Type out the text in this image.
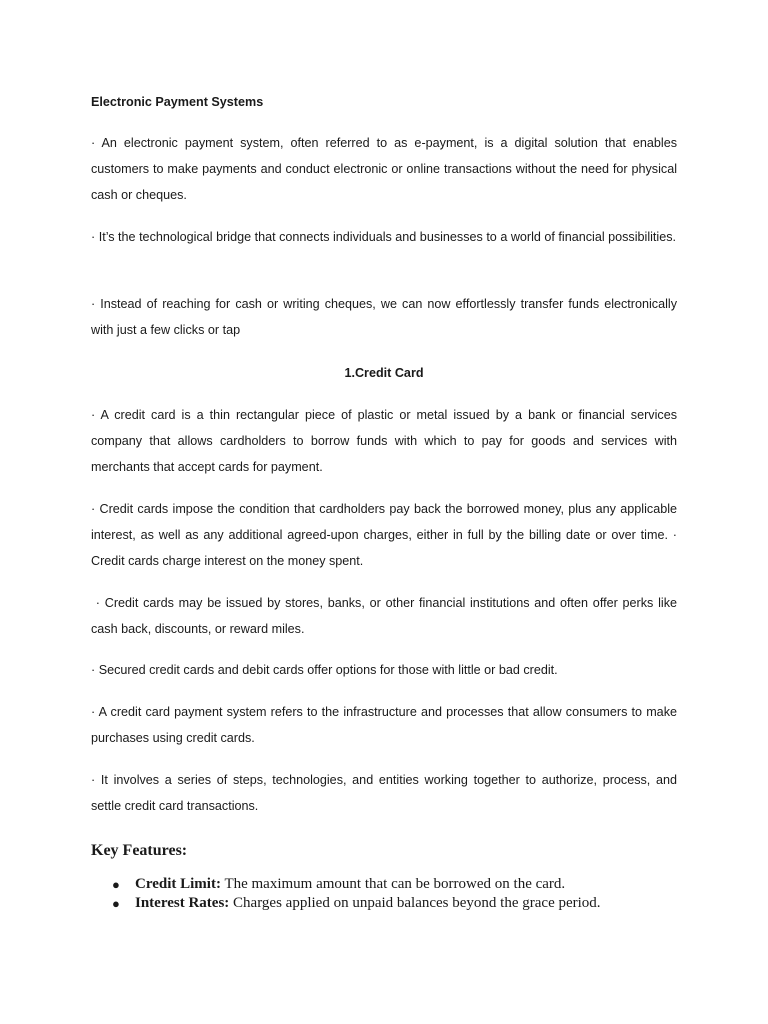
Electronic Payment Systems

· An electronic payment system, often referred to as e-payment, is a digital solution that enables customers to make payments and conduct electronic or online transactions without the need for physical cash or cheques.

· It’s the technological bridge that connects individuals and businesses to a world of financial possibilities.

· Instead of reaching for cash or writing cheques, we can now effortlessly transfer funds electronically with just a few clicks or tap

1.Credit Card

· A credit card is a thin rectangular piece of plastic or metal issued by a bank or financial services company that allows cardholders to borrow funds with which to pay for goods and services with merchants that accept cards for payment.

· Credit cards impose the condition that cardholders pay back the borrowed money, plus any applicable interest, as well as any additional agreed-upon charges, either in full by the billing date or over time. · Credit cards charge interest on the money spent.

· Credit cards may be issued by stores, banks, or other financial institutions and often offer perks like cash back, discounts, or reward miles.

· Secured credit cards and debit cards offer options for those with little or bad credit.

· A credit card payment system refers to the infrastructure and processes that allow consumers to make purchases using credit cards.

· It involves a series of steps, technologies, and entities working together to authorize, process, and settle credit card transactions.

Key Features:
● Credit Limit: The maximum amount that can be borrowed on the card.
● Interest Rates: Charges applied on unpaid balances beyond the grace period.
